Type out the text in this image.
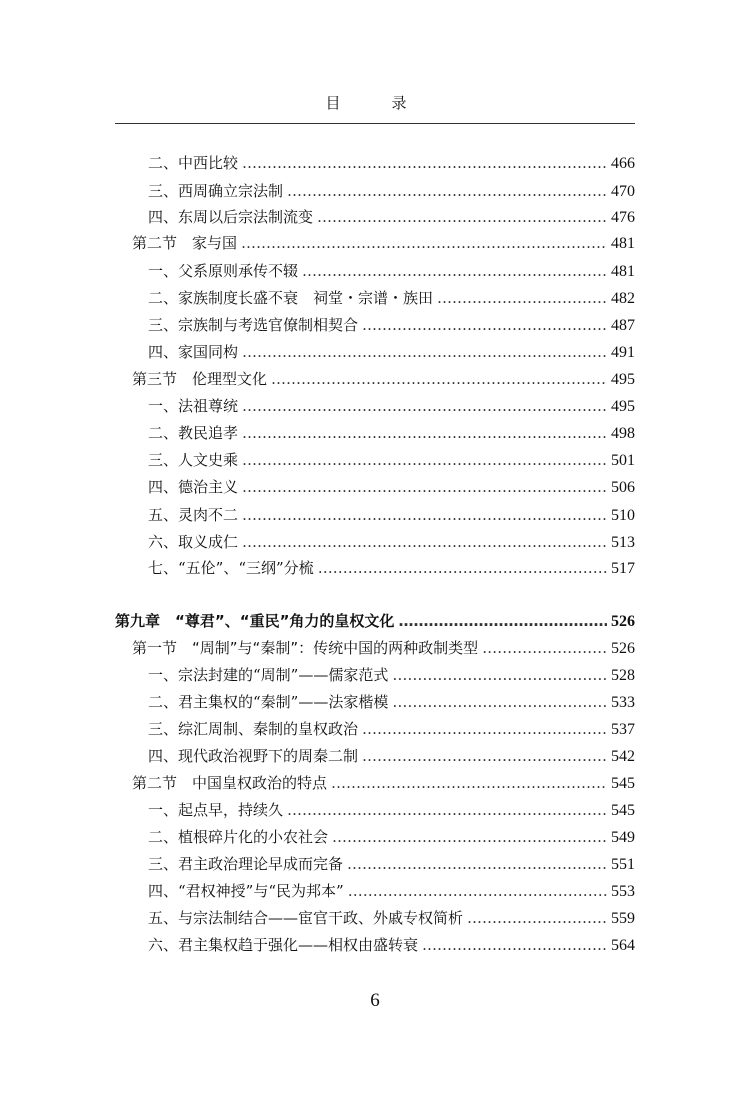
目　录
二、中西比较 …………………………………………………………………………………………………………………………………………	466
三、西周确立宗法制 …………………………………………………………………………………………………………………………………………	470
四、东周以后宗法制流变 …………………………………………………………………………………………………………………………………………	476
第二节　家与国 …………………………………………………………………………………………………………………………………………	481
一、父系原则承传不辍 …………………………………………………………………………………………………………………………………………	481
二、家族制度长盛不衰　祠堂・宗谱・族田 …………………………………………………………………………………………………………………………………………	482
三、宗族制与考选官僚制相契合 …………………………………………………………………………………………………………………………………………	487
四、家国同构 …………………………………………………………………………………………………………………………………………	491
第三节　伦理型文化 …………………………………………………………………………………………………………………………………………	495
一、法祖尊统 …………………………………………………………………………………………………………………………………………	495
二、教民追孝 …………………………………………………………………………………………………………………………………………	498
三、人文史乘 …………………………………………………………………………………………………………………………………………	501
四、德治主义 …………………………………………………………………………………………………………………………………………	506
五、灵肉不二 …………………………………………………………………………………………………………………………………………	510
六、取义成仁 …………………………………………………………………………………………………………………………………………	513
七、“五伦”、“三纲”分梳 …………………………………………………………………………………………………………………………………………	517
第九章　“尊君”、“重民”角力的皇权文化 …………………………………………………………………………………………………………………………………………	526
第一节　“周制”与“秦制”：传统中国的两种政制类型 …………………………………………………………………………………………………………………………………………	526
一、宗法封建的“周制”——儒家范式 …………………………………………………………………………………………………………………………………………	528
二、君主集权的“秦制”——法家楷模 …………………………………………………………………………………………………………………………………………	533
三、综汇周制、秦制的皇权政治 …………………………………………………………………………………………………………………………………………	537
四、现代政治视野下的周秦二制 …………………………………………………………………………………………………………………………………………	542
第二节　中国皇权政治的特点 …………………………………………………………………………………………………………………………………………	545
一、起点早，持续久 …………………………………………………………………………………………………………………………………………	545
二、植根碎片化的小农社会 …………………………………………………………………………………………………………………………………………	549
三、君主政治理论早成而完备 …………………………………………………………………………………………………………………………………………	551
四、“君权神授”与“民为邦本” …………………………………………………………………………………………………………………………………………	553
五、与宗法制结合——宦官干政、外戚专权简析 …………………………………………………………………………………………………………………………………………	559
六、君主集权趋于强化——相权由盛转衰 …………………………………………………………………………………………………………………………………………	564
6
